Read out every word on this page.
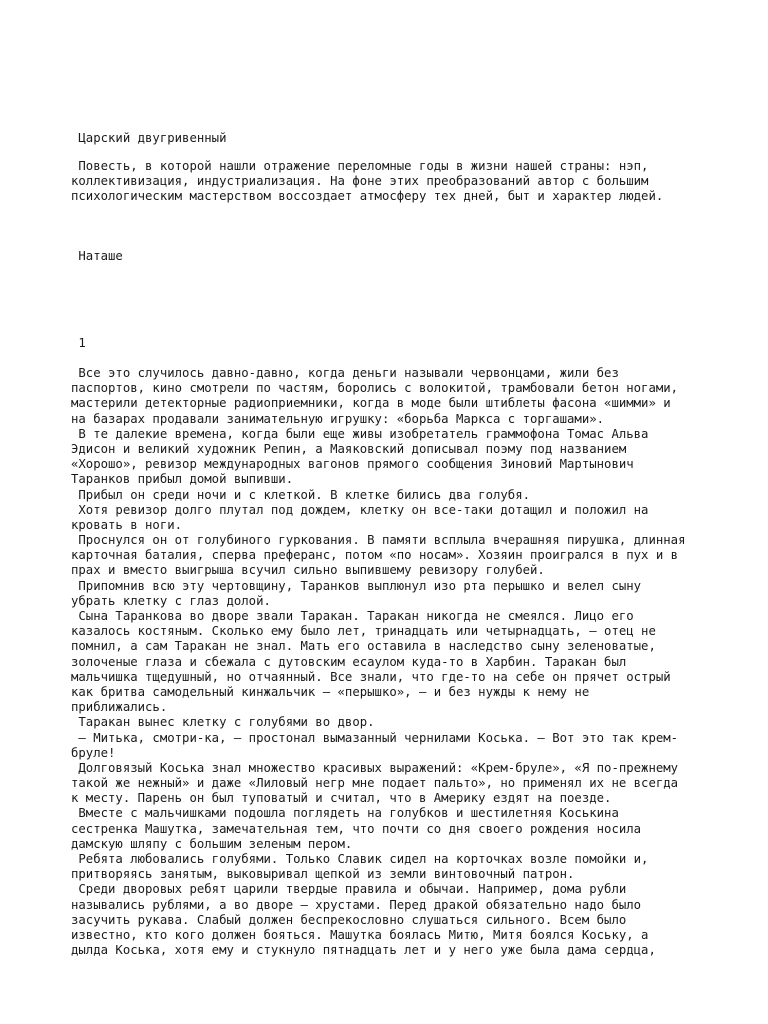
Царский двугривенный
Повесть, в которой нашли отражение переломные годы в жизни нашей страны: нэп,
коллективизация, индустриализация. На фоне этих преобразований автор с большим
психологическим мастерством воссоздает атмосферу тех дней, быт и характер людей.
Наташе
1
Все это случилось давно-давно, когда деньги называли червонцами, жили без
паспортов, кино смотрели по частям, боролись с волокитой, трамбовали бетон ногами,
мастерили детекторные радиоприемники, когда в моде были штиблеты фасона «шимми» и
на базарах продавали занимательную игрушку: «борьба Маркса с торгашами».
В те далекие времена, когда были еще живы изобретатель граммофона Томас Альва
Эдисон и великий художник Репин, а Маяковский дописывал поэму под названием
«Хорошо», ревизор международных вагонов прямого сообщения Зиновий Мартынович
Таранков прибыл домой выпивши.
Прибыл он среди ночи и с клеткой. В клетке бились два голубя.
Хотя ревизор долго плутал под дождем, клетку он все-таки дотащил и положил на
кровать в ноги.
Проснулся он от голубиного гуркования. В памяти всплыла вчерашняя пирушка, длинная
карточная баталия, сперва преферанс, потом «по носам». Хозяин проигрался в пух и в
прах и вместо выигрыша всучил сильно выпившему ревизору голубей.
Припомнив всю эту чертовщину, Таранков выплюнул изо рта перышко и велел сыну
убрать клетку с глаз долой.
Сына Таранкова во дворе звали Таракан. Таракан никогда не смеялся. Лицо его
казалось костяным. Сколько ему было лет, тринадцать или четырнадцать, — отец не
помнил, а сам Таракан не знал. Мать его оставила в наследство сыну зеленоватые,
золоченые глаза и сбежала с дутовским есаулом куда-то в Харбин. Таракан был
мальчишка тщедушный, но отчаянный. Все знали, что где-то на себе он прячет острый
как бритва самодельный кинжальчик — «перышко», — и без нужды к нему не
приближались.
Таракан вынес клетку с голубями во двор.
— Митька, смотри-ка, — простонал вымазанный чернилами Коська. — Вот это так крем-
бруле!
Долговязый Коська знал множество красивых выражений: «Крем-бруле», «Я по-прежнему
такой же нежный» и даже «Лиловый негр мне подает пальто», но применял их не всегда
к месту. Парень он был туповатый и считал, что в Америку ездят на поезде.
Вместе с мальчишками подошла поглядеть на голубков и шестилетняя Коськина
сестренка Машутка, замечательная тем, что почти со дня своего рождения носила
дамскую шляпу с большим зеленым пером.
Ребята любовались голубями. Только Славик сидел на корточках возле помойки и,
притворяясь занятым, выковыривал щепкой из земли винтовочный патрон.
Среди дворовых ребят царили твердые правила и обычаи. Например, дома рубли
назывались рублями, а во дворе — хрустами. Перед дракой обязательно надо было
засучить рукава. Слабый должен беспрекословно слушаться сильного. Всем было
известно, кто кого должен бояться. Машутка боялась Митю, Митя боялся Коську, а
дылда Коська, хотя ему и стукнуло пятнадцать лет и у него уже была дама сердца,
